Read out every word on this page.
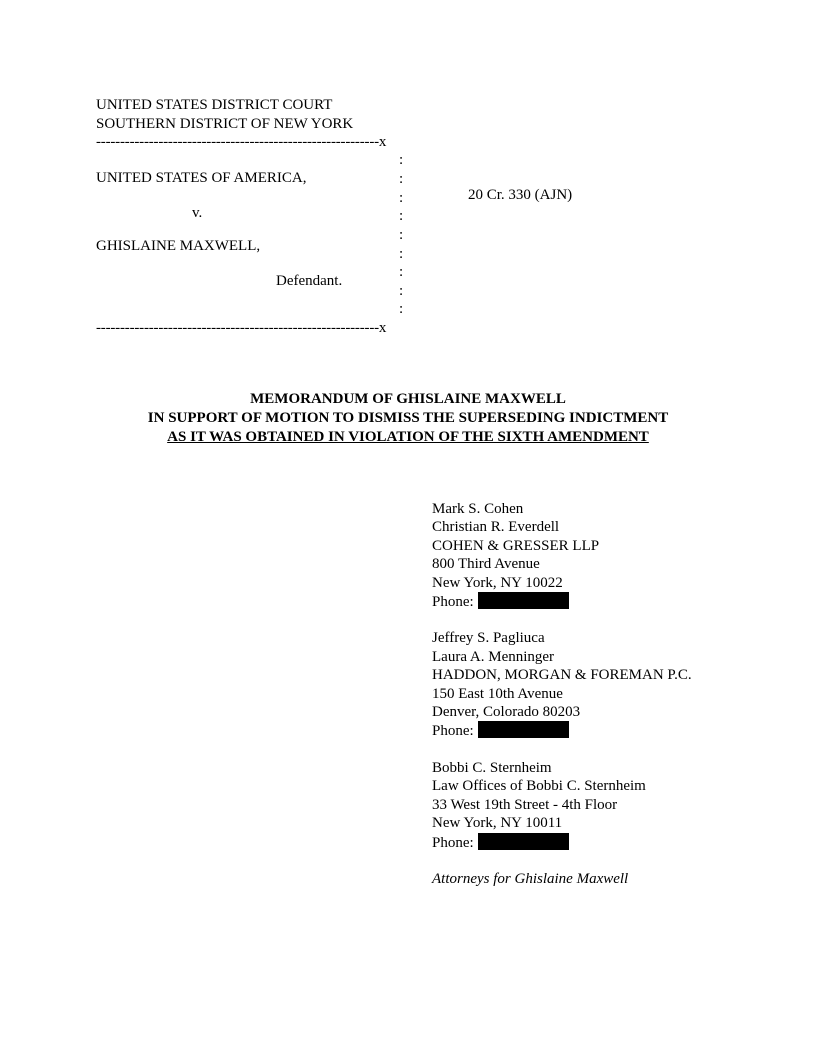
UNITED STATES DISTRICT COURT
SOUTHERN DISTRICT OF NEW YORK
-----------------------------------------------------------x
:
:
:
:
:
:
:
:
:
UNITED STATES OF AMERICA,
v.
GHISLAINE MAXWELL,
Defendant.
20 Cr. 330 (AJN)
-----------------------------------------------------------x
MEMORANDUM OF GHISLAINE MAXWELL
IN SUPPORT OF MOTION TO DISMISS THE SUPERSEDING INDICTMENT
AS IT WAS OBTAINED IN VIOLATION OF THE SIXTH AMENDMENT
Mark S. Cohen
Christian R. Everdell
COHEN & GRESSER LLP
800 Third Avenue
New York, NY 10022
Phone:
Jeffrey S. Pagliuca
Laura A. Menninger
HADDON, MORGAN & FOREMAN P.C.
150 East 10th Avenue
Denver, Colorado 80203
Phone:
Bobbi C. Sternheim
Law Offices of Bobbi C. Sternheim
33 West 19th Street - 4th Floor
New York, NY 10011
Phone:
Attorneys for Ghislaine Maxwell
